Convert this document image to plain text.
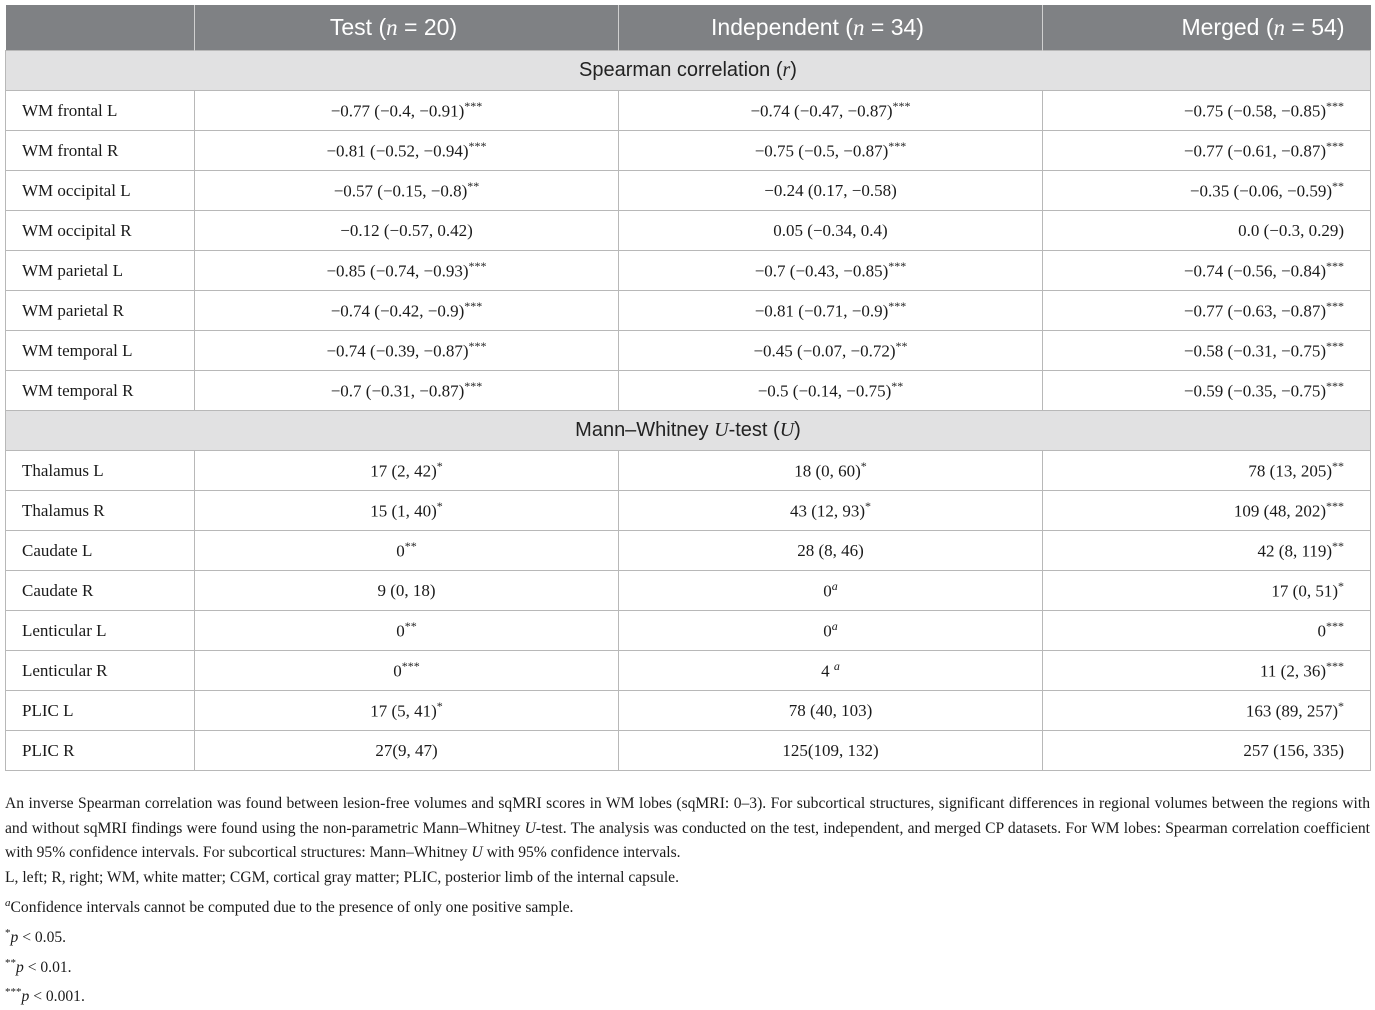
	Test (n = 20)	Independent (n = 34)	Merged (n = 54)
Spearman correlation (r)			
WM frontal L	−0.77 (−0.4, −0.91)***	−0.74 (−0.47, −0.87)***	−0.75 (−0.58, −0.85)***
WM frontal R	−0.81 (−0.52, −0.94)***	−0.75 (−0.5, −0.87)***	−0.77 (−0.61, −0.87)***
WM occipital L	−0.57 (−0.15, −0.8)**	−0.24 (0.17, −0.58)	−0.35 (−0.06, −0.59)**
WM occipital R	−0.12 (−0.57, 0.42)	0.05 (−0.34, 0.4)	0.0 (−0.3, 0.29)
WM parietal L	−0.85 (−0.74, −0.93)***	−0.7 (−0.43, −0.85)***	−0.74 (−0.56, −0.84)***
WM parietal R	−0.74 (−0.42, −0.9)***	−0.81 (−0.71, −0.9)***	−0.77 (−0.63, −0.87)***
WM temporal L	−0.74 (−0.39, −0.87)***	−0.45 (−0.07, −0.72)**	−0.58 (−0.31, −0.75)***
WM temporal R	−0.7 (−0.31, −0.87)***	−0.5 (−0.14, −0.75)**	−0.59 (−0.35, −0.75)***
Mann–Whitney U-test (U)			
Thalamus L	17 (2, 42)*	18 (0, 60)*	78 (13, 205)**
Thalamus R	15 (1, 40)*	43 (12, 93)*	109 (48, 202)***
Caudate L	0**	28 (8, 46)	42 (8, 119)**
Caudate R	9 (0, 18)	0$^a$	17 (0, 51)*
Lenticular L	0**	0$^a$	0***
Lenticular R	0***	4 $^a$	11 (2, 36)***
PLIC L	17 (5, 41)*	78 (40, 103)	163 (89, 257)*
PLIC R	27(9, 47)	125(109, 132)	257 (156, 335)

An inverse Spearman correlation was found between lesion-free volumes and sqMRI scores in WM lobes (sqMRI: 0–3). For subcortical structures, significant differences in regional volumes between the regions with and without sqMRI findings were found using the non-parametric Mann–Whitney U-test. The analysis was conducted on the test, independent, and merged CP datasets. For WM lobes: Spearman correlation coefficient with 95% confidence intervals. For subcortical structures: Mann–Whitney U with 95% confidence intervals.

L, left; R, right; WM, white matter; CGM, cortical gray matter; PLIC, posterior limb of the internal capsule.

$^a$Confidence intervals cannot be computed due to the presence of only one positive sample.

*p < 0.05.

**p < 0.01.

***p < 0.001.
